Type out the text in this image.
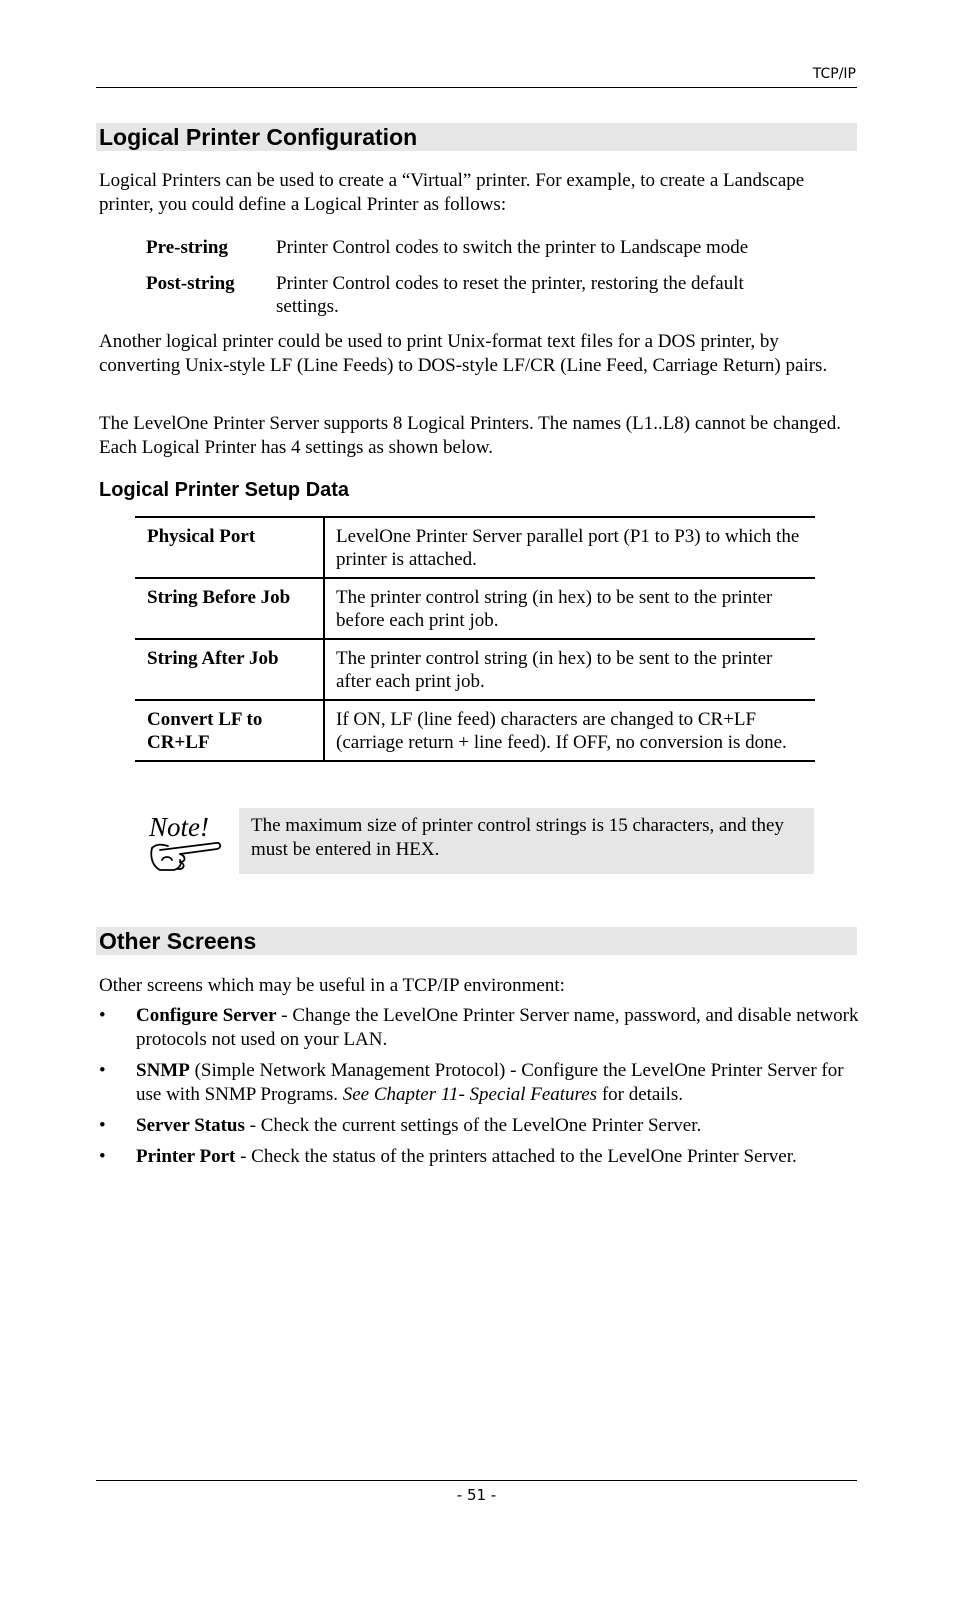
TCP/IP
Logical Printer Configuration

Logical Printers can be used to create a “Virtual” printer. For example, to create a Landscape printer, you could define a Logical Printer as follows:

Pre-string	Printer Control codes to switch the printer to Landscape mode
Post-string	Printer Control codes to reset the printer, restoring the default settings.

Another logical printer could be used to print Unix-format text files for a DOS printer, by converting Unix-style LF (Line Feeds) to DOS-style LF/CR (Line Feed, Carriage Return) pairs.

The LevelOne Printer Server supports 8 Logical Printers. The names (L1..L8) cannot be changed. Each Logical Printer has 4 settings as shown below.

Logical Printer Setup Data
Physical Port	LevelOne Printer Server parallel port (P1 to P3) to which the printer is attached.
String Before Job	The printer control string (in hex) to be sent to the printer before each print job.
String After Job	The printer control string (in hex) to be sent to the printer after each print job.
Convert LF to CR+LF	If ON, LF (line feed) characters are changed to CR+LF (carriage return + line feed). If OFF, no conversion is done.
Note!	The maximum size of printer control strings is 15 characters, and they must be entered in HEX.
Other Screens

Other screens which may be useful in a TCP/IP environment:

• Configure Server - Change the LevelOne Printer Server name, password, and disable network protocols not used on your LAN.
• SNMP (Simple Network Management Protocol) - Configure the LevelOne Printer Server for use with SNMP Programs. See Chapter 11- Special Features for details.
• Server Status - Check the current settings of the LevelOne Printer Server.
• Printer Port - Check the status of the printers attached to the LevelOne Printer Server.
- 51 -
